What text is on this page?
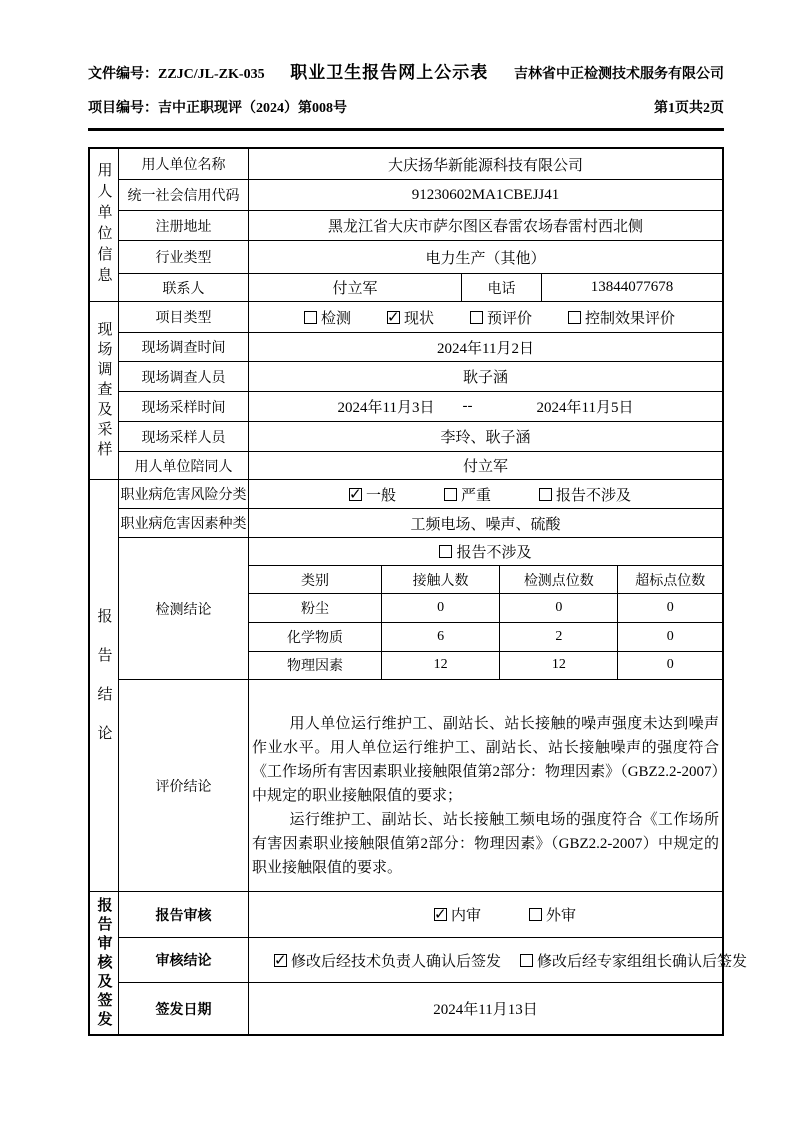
文件编号：ZZJC/JL-ZK-035 职业卫生报告网上公示表 吉林省中正检测技术服务有限公司
项目编号：吉中正职现评（2024）第008号	第1页共2页
用人单位信息	用人单位名称	大庆扬华新能源科技有限公司
统一社会信用代码	91230602MA1CBEJJ41
注册地址	黑龙江省大庆市萨尔图区春雷农场春雷村西北侧
行业类型	电力生产（其他）
联系人	付立军	电话	13844077678
现场调查及采样
项目类型	检测 ✓	现状	预评价	控制效果评价
现场调查时间	2024年11月2日
现场调查人员	耿子涵
现场采样时间	2024年11月3日 --	2024年11月5日
现场采样人员	李玲、耿子涵
用人单位陪同人	付立军
报告结论
职业病危害风险分类 ✓	一般	严重	报告不涉及
职业病危害因素种类	工频电场、噪声、硫酸
检测结论
报告不涉及
类别	接触人数	检测点位数	超标点位数
粉尘	0	0	0
化学物质	6	2	0
物理因素	12	12	0
评价结论

用人单位运行维护工、副站长、站长接触的噪声强度未达到噪声作业水平。用人单位运行维护工、副站长、站长接触噪声的强度符合《工作场所有害因素职业接触限值第2部分：物理因素》（GBZ2.2-2007）中规定的职业接触限值的要求；

运行维护工、副站长、站长接触工频电场的强度符合《工作场所有害因素职业接触限值第2部分：物理因素》（GBZ2.2-2007）中规定的职业接触限值的要求。

报告审核及签发	报告审核 ✓	内审	外审
审核结论 ✓	修改后经技术负责人确认后签发 修改后经专家组组长确认后签发
签发日期	2024年11月13日
